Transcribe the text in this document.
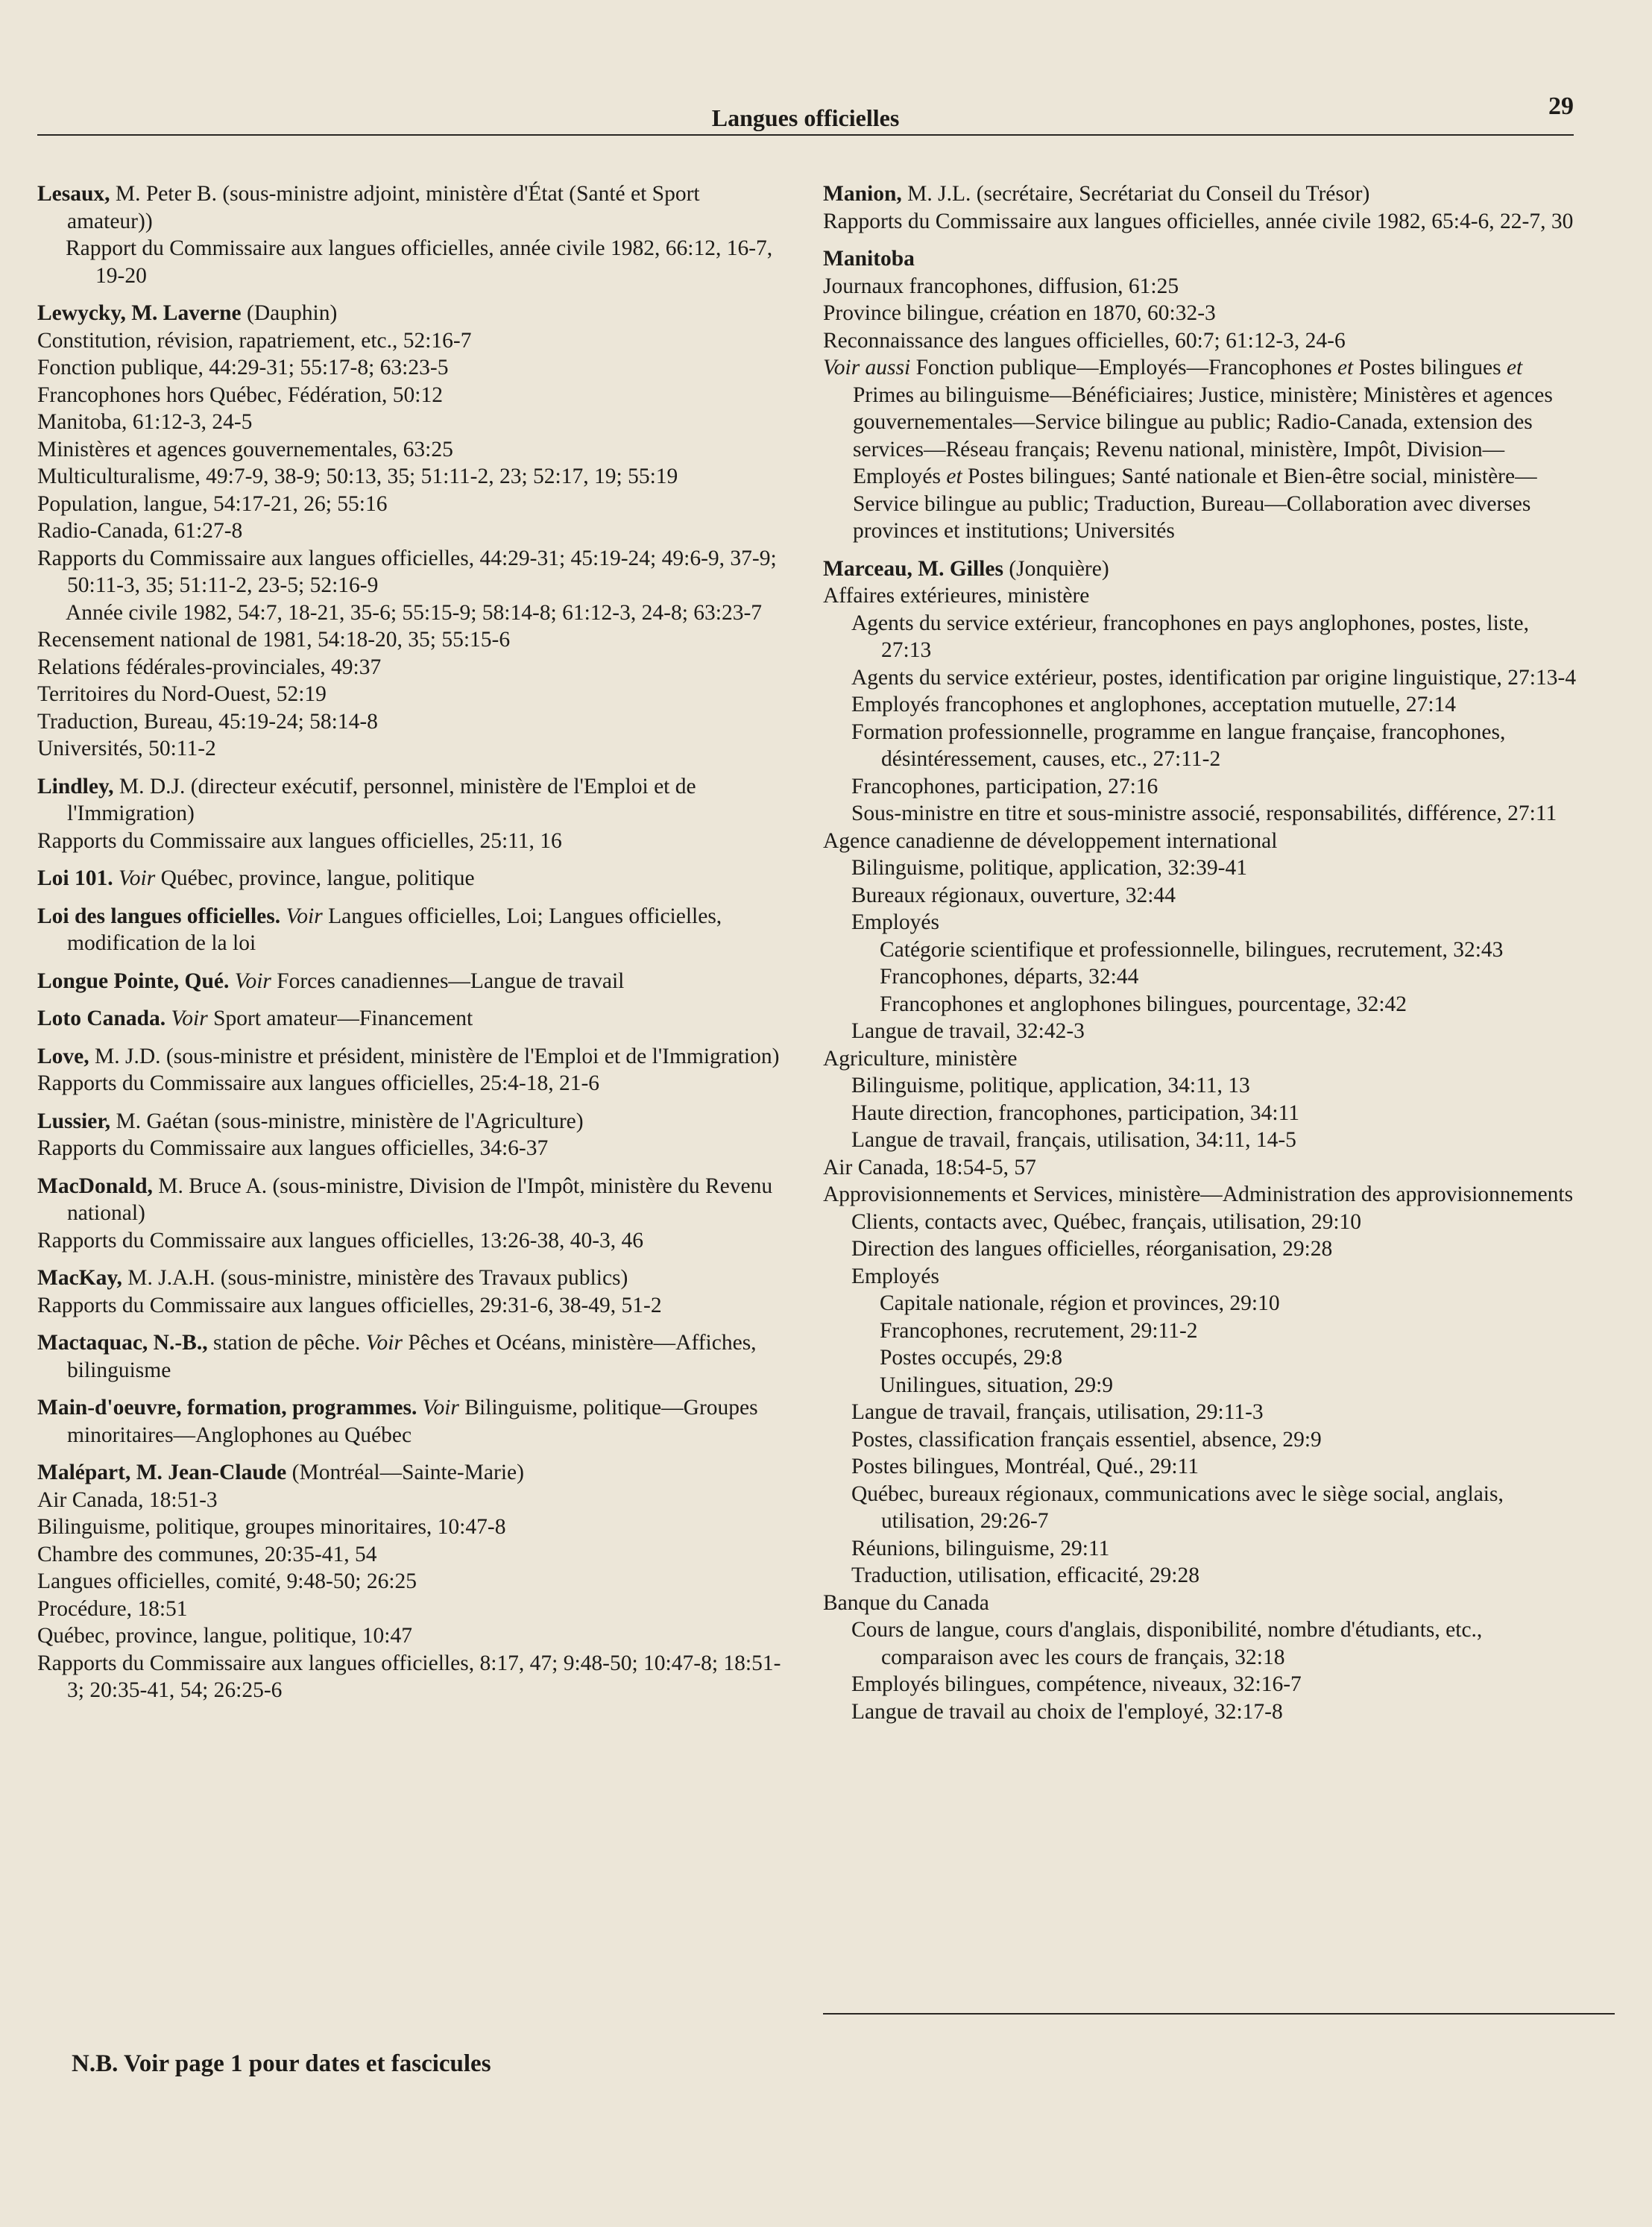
Langues officielles	29
Lesaux, M. Peter B. (sous-ministre adjoint, ministère d'État (Santé et Sport amateur))
Rapport du Commissaire aux langues officielles, année civile 1982, 66:12, 16-7, 19-20
Lewycky, M. Laverne (Dauphin)
Constitution, révision, rapatriement, etc., 52:16-7
Fonction publique, 44:29-31; 55:17-8; 63:23-5
Francophones hors Québec, Fédération, 50:12
Manitoba, 61:12-3, 24-5
Ministères et agences gouvernementales, 63:25
Multiculturalisme, 49:7-9, 38-9; 50:13, 35; 51:11-2, 23; 52:17, 19; 55:19
Population, langue, 54:17-21, 26; 55:16
Radio-Canada, 61:27-8
Rapports du Commissaire aux langues officielles, 44:29-31; 45:19-24; 49:6-9, 37-9; 50:11-3, 35; 51:11-2, 23-5; 52:16-9
Année civile 1982, 54:7, 18-21, 35-6; 55:15-9; 58:14-8; 61:12-3, 24-8; 63:23-7
Recensement national de 1981, 54:18-20, 35; 55:15-6
Relations fédérales-provinciales, 49:37
Territoires du Nord-Ouest, 52:19
Traduction, Bureau, 45:19-24; 58:14-8
Universités, 50:11-2
Lindley, M. D.J. (directeur exécutif, personnel, ministère de l'Emploi et de l'Immigration)
Rapports du Commissaire aux langues officielles, 25:11, 16
Loi 101. Voir Québec, province, langue, politique
Loi des langues officielles. Voir Langues officielles, Loi; Langues officielles, modification de la loi
Longue Pointe, Qué. Voir Forces canadiennes—Langue de travail
Loto Canada. Voir Sport amateur—Financement
Love, M. J.D. (sous-ministre et président, ministère de l'Emploi et de l'Immigration)
Rapports du Commissaire aux langues officielles, 25:4-18, 21-6
Lussier, M. Gaétan (sous-ministre, ministère de l'Agriculture)
Rapports du Commissaire aux langues officielles, 34:6-37
MacDonald, M. Bruce A. (sous-ministre, Division de l'Impôt, ministère du Revenu national)
Rapports du Commissaire aux langues officielles, 13:26-38, 40-3, 46
MacKay, M. J.A.H. (sous-ministre, ministère des Travaux publics)
Rapports du Commissaire aux langues officielles, 29:31-6, 38-49, 51-2
Mactaquac, N.-B., station de pêche. Voir Pêches et Océans, ministère—Affiches, bilinguisme
Main-d'oeuvre, formation, programmes. Voir Bilinguisme, politique—Groupes minoritaires—Anglophones au Québec
Malépart, M. Jean-Claude (Montréal—Sainte-Marie)
Air Canada, 18:51-3
Bilinguisme, politique, groupes minoritaires, 10:47-8
Chambre des communes, 20:35-41, 54
Langues officielles, comité, 9:48-50; 26:25
Procédure, 18:51
Québec, province, langue, politique, 10:47
Rapports du Commissaire aux langues officielles, 8:17, 47; 9:48-50; 10:47-8; 18:51-3; 20:35-41, 54; 26:25-6
Manion, M. J.L. (secrétaire, Secrétariat du Conseil du Trésor)
Rapports du Commissaire aux langues officielles, année civile 1982, 65:4-6, 22-7, 30
Manitoba
Journaux francophones, diffusion, 61:25
Province bilingue, création en 1870, 60:32-3
Reconnaissance des langues officielles, 60:7; 61:12-3, 24-6
Voir aussi Fonction publique—Employés—Francophones et Postes bilingues et Primes au bilinguisme—Bénéficiaires; Justice, ministère; Ministères et agences gouvernementales—Service bilingue au public; Radio-Canada, extension des services—Réseau français; Revenu national, ministère, Impôt, Division—Employés et Postes bilingues; Santé nationale et Bien-être social, ministère—Service bilingue au public; Traduction, Bureau—Collaboration avec diverses provinces et institutions; Universités
Marceau, M. Gilles (Jonquière)
Affaires extérieures, ministère
Agents du service extérieur, francophones en pays anglophones, postes, liste, 27:13
Agents du service extérieur, postes, identification par origine linguistique, 27:13-4
Employés francophones et anglophones, acceptation mutuelle, 27:14
Formation professionnelle, programme en langue française, francophones, désintéressement, causes, etc., 27:11-2
Francophones, participation, 27:16
Sous-ministre en titre et sous-ministre associé, responsabilités, différence, 27:11
Agence canadienne de développement international
Bilinguisme, politique, application, 32:39-41
Bureaux régionaux, ouverture, 32:44
Employés
Catégorie scientifique et professionnelle, bilingues, recrutement, 32:43
Francophones, départs, 32:44
Francophones et anglophones bilingues, pourcentage, 32:42
Langue de travail, 32:42-3
Agriculture, ministère
Bilinguisme, politique, application, 34:11, 13
Haute direction, francophones, participation, 34:11
Langue de travail, français, utilisation, 34:11, 14-5
Air Canada, 18:54-5, 57
Approvisionnements et Services, ministère—Administration des approvisionnements
Clients, contacts avec, Québec, français, utilisation, 29:10
Direction des langues officielles, réorganisation, 29:28
Employés
Capitale nationale, région et provinces, 29:10
Francophones, recrutement, 29:11-2
Postes occupés, 29:8
Unilingues, situation, 29:9
Langue de travail, français, utilisation, 29:11-3
Postes, classification français essentiel, absence, 29:9
Postes bilingues, Montréal, Qué., 29:11
Québec, bureaux régionaux, communications avec le siège social, anglais, utilisation, 29:26-7
Réunions, bilinguisme, 29:11
Traduction, utilisation, efficacité, 29:28
Banque du Canada
Cours de langue, cours d'anglais, disponibilité, nombre d'étudiants, etc., comparaison avec les cours de français, 32:18
Employés bilingues, compétence, niveaux, 32:16-7
Langue de travail au choix de l'employé, 32:17-8
N.B. Voir page 1 pour dates et fascicules
